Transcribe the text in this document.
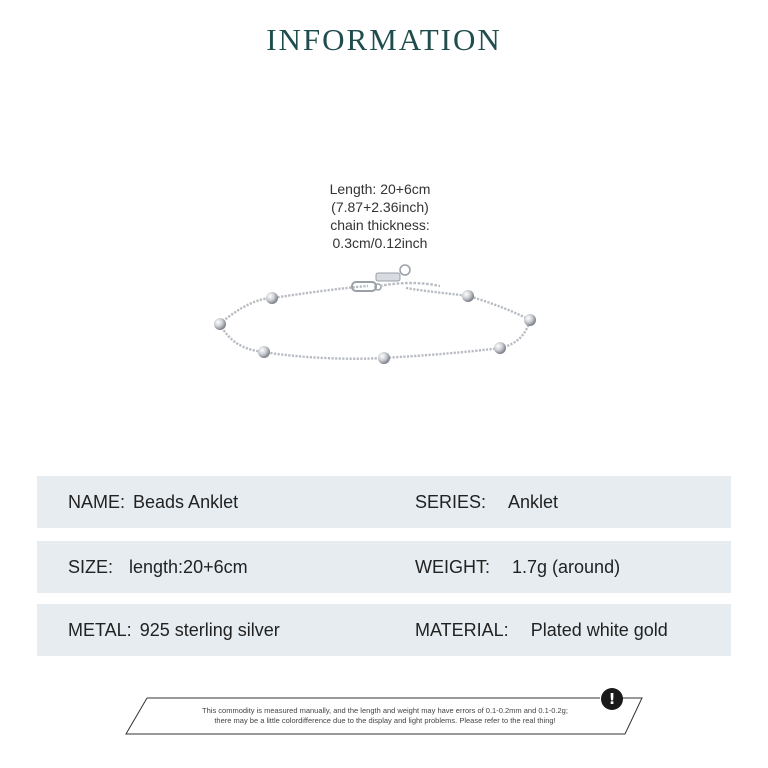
INFORMATION
Length: 20+6cm
(7.87+2.36inch)
chain thickness:
0.3cm/0.12inch
NAME: Beads Anklet	SERIES: Anklet
SIZE: length:20+6cm	WEIGHT: 1.7g (around)
METAL: 925 sterling silver	MATERIAL: Plated white gold
This commodity is measured manually, and the length and weight may have errors of 0.1-0.2mm and 0.1-0.2g;
there may be a little colordifference due to the display and light problems. Please refer to the real thing!
!
